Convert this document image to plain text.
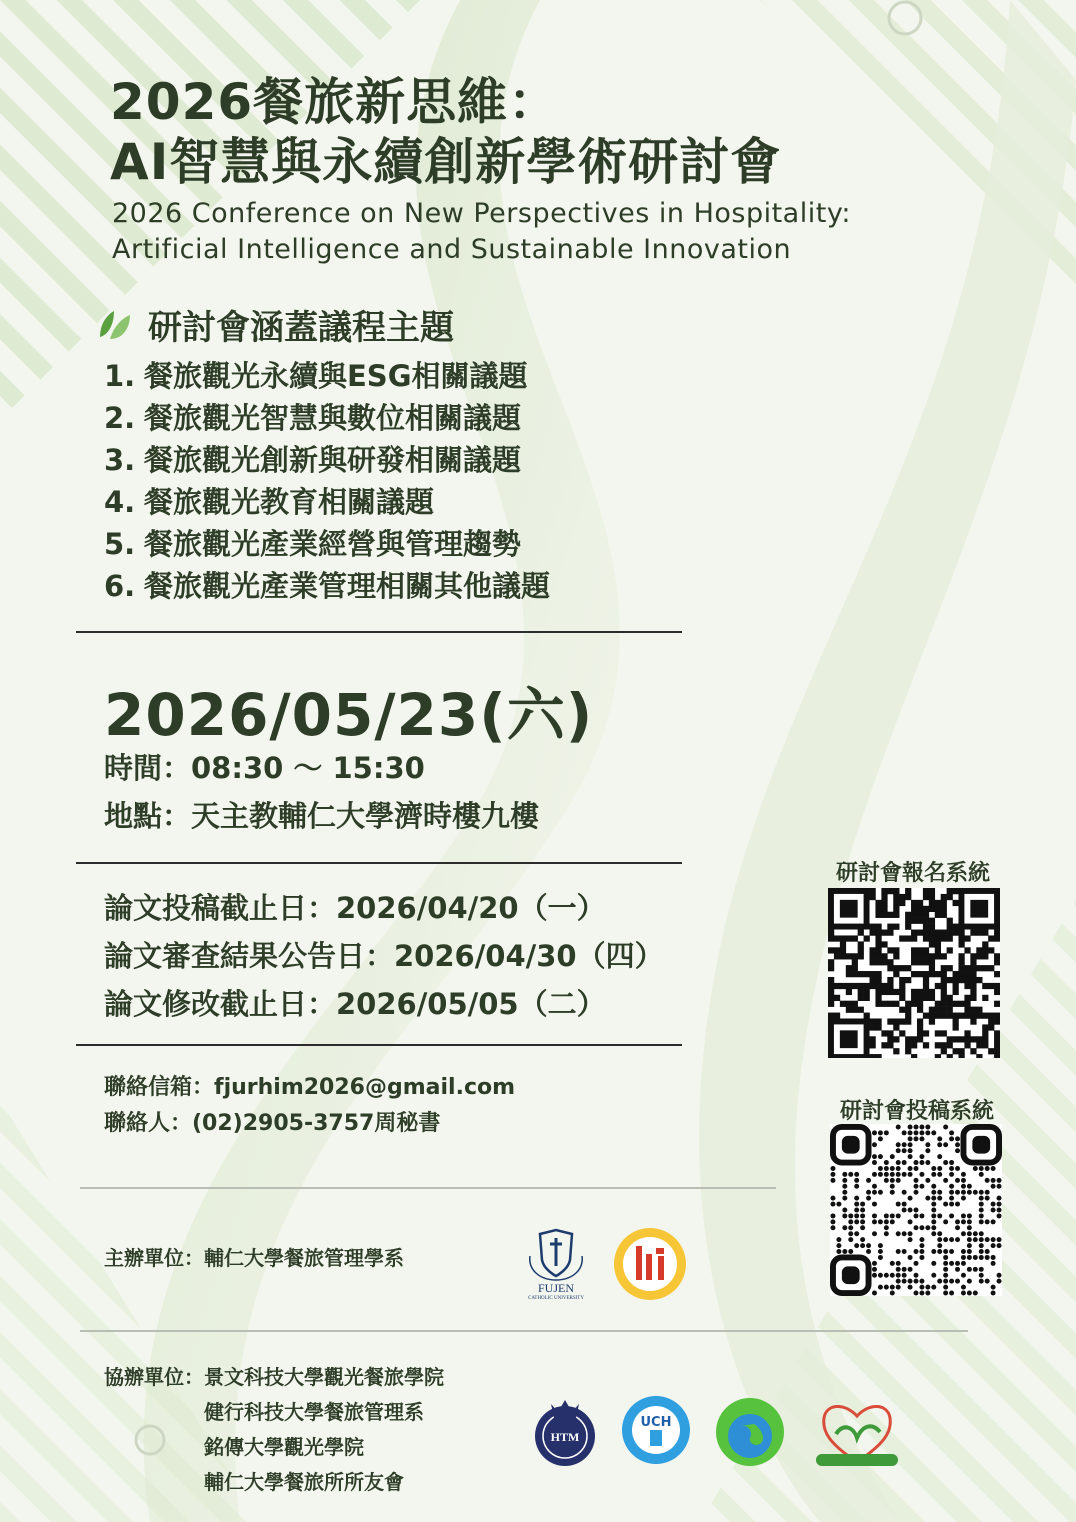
2026餐旅新思維：
AI智慧與永續創新學術研討會
2026 Conference on New Perspectives in Hospitality:
Artificial Intelligence and Sustainable Innovation
研討會涵蓋議程主題
1. 餐旅觀光永續與ESG相關議題
2. 餐旅觀光智慧與數位相關議題
3. 餐旅觀光創新與研發相關議題
4. 餐旅觀光教育相關議題
5. 餐旅觀光產業經營與管理趨勢
6. 餐旅觀光產業管理相關其他議題
2026/05/23(六)
時間：08:30 ～ 15:30
地點：天主教輔仁大學濟時樓九樓
論文投稿截止日：2026/04/20（一）
論文審查結果公告日：2026/04/30（四）
論文修改截止日：2026/05/05（二）
聯絡信箱：fjurhim2026@gmail.com
聯絡人：(02)2905-3757周秘書
研討會報名系統
研討會投稿系統
主辦單位：輔仁大學餐旅管理學系
FUJEN
CATHOLIC UNIVERSITY
協辦單位： 景文科技大學觀光餐旅學院
健行科技大學餐旅管理系
銘傳大學觀光學院
輔仁大學餐旅所所友會
HTM
UCH
